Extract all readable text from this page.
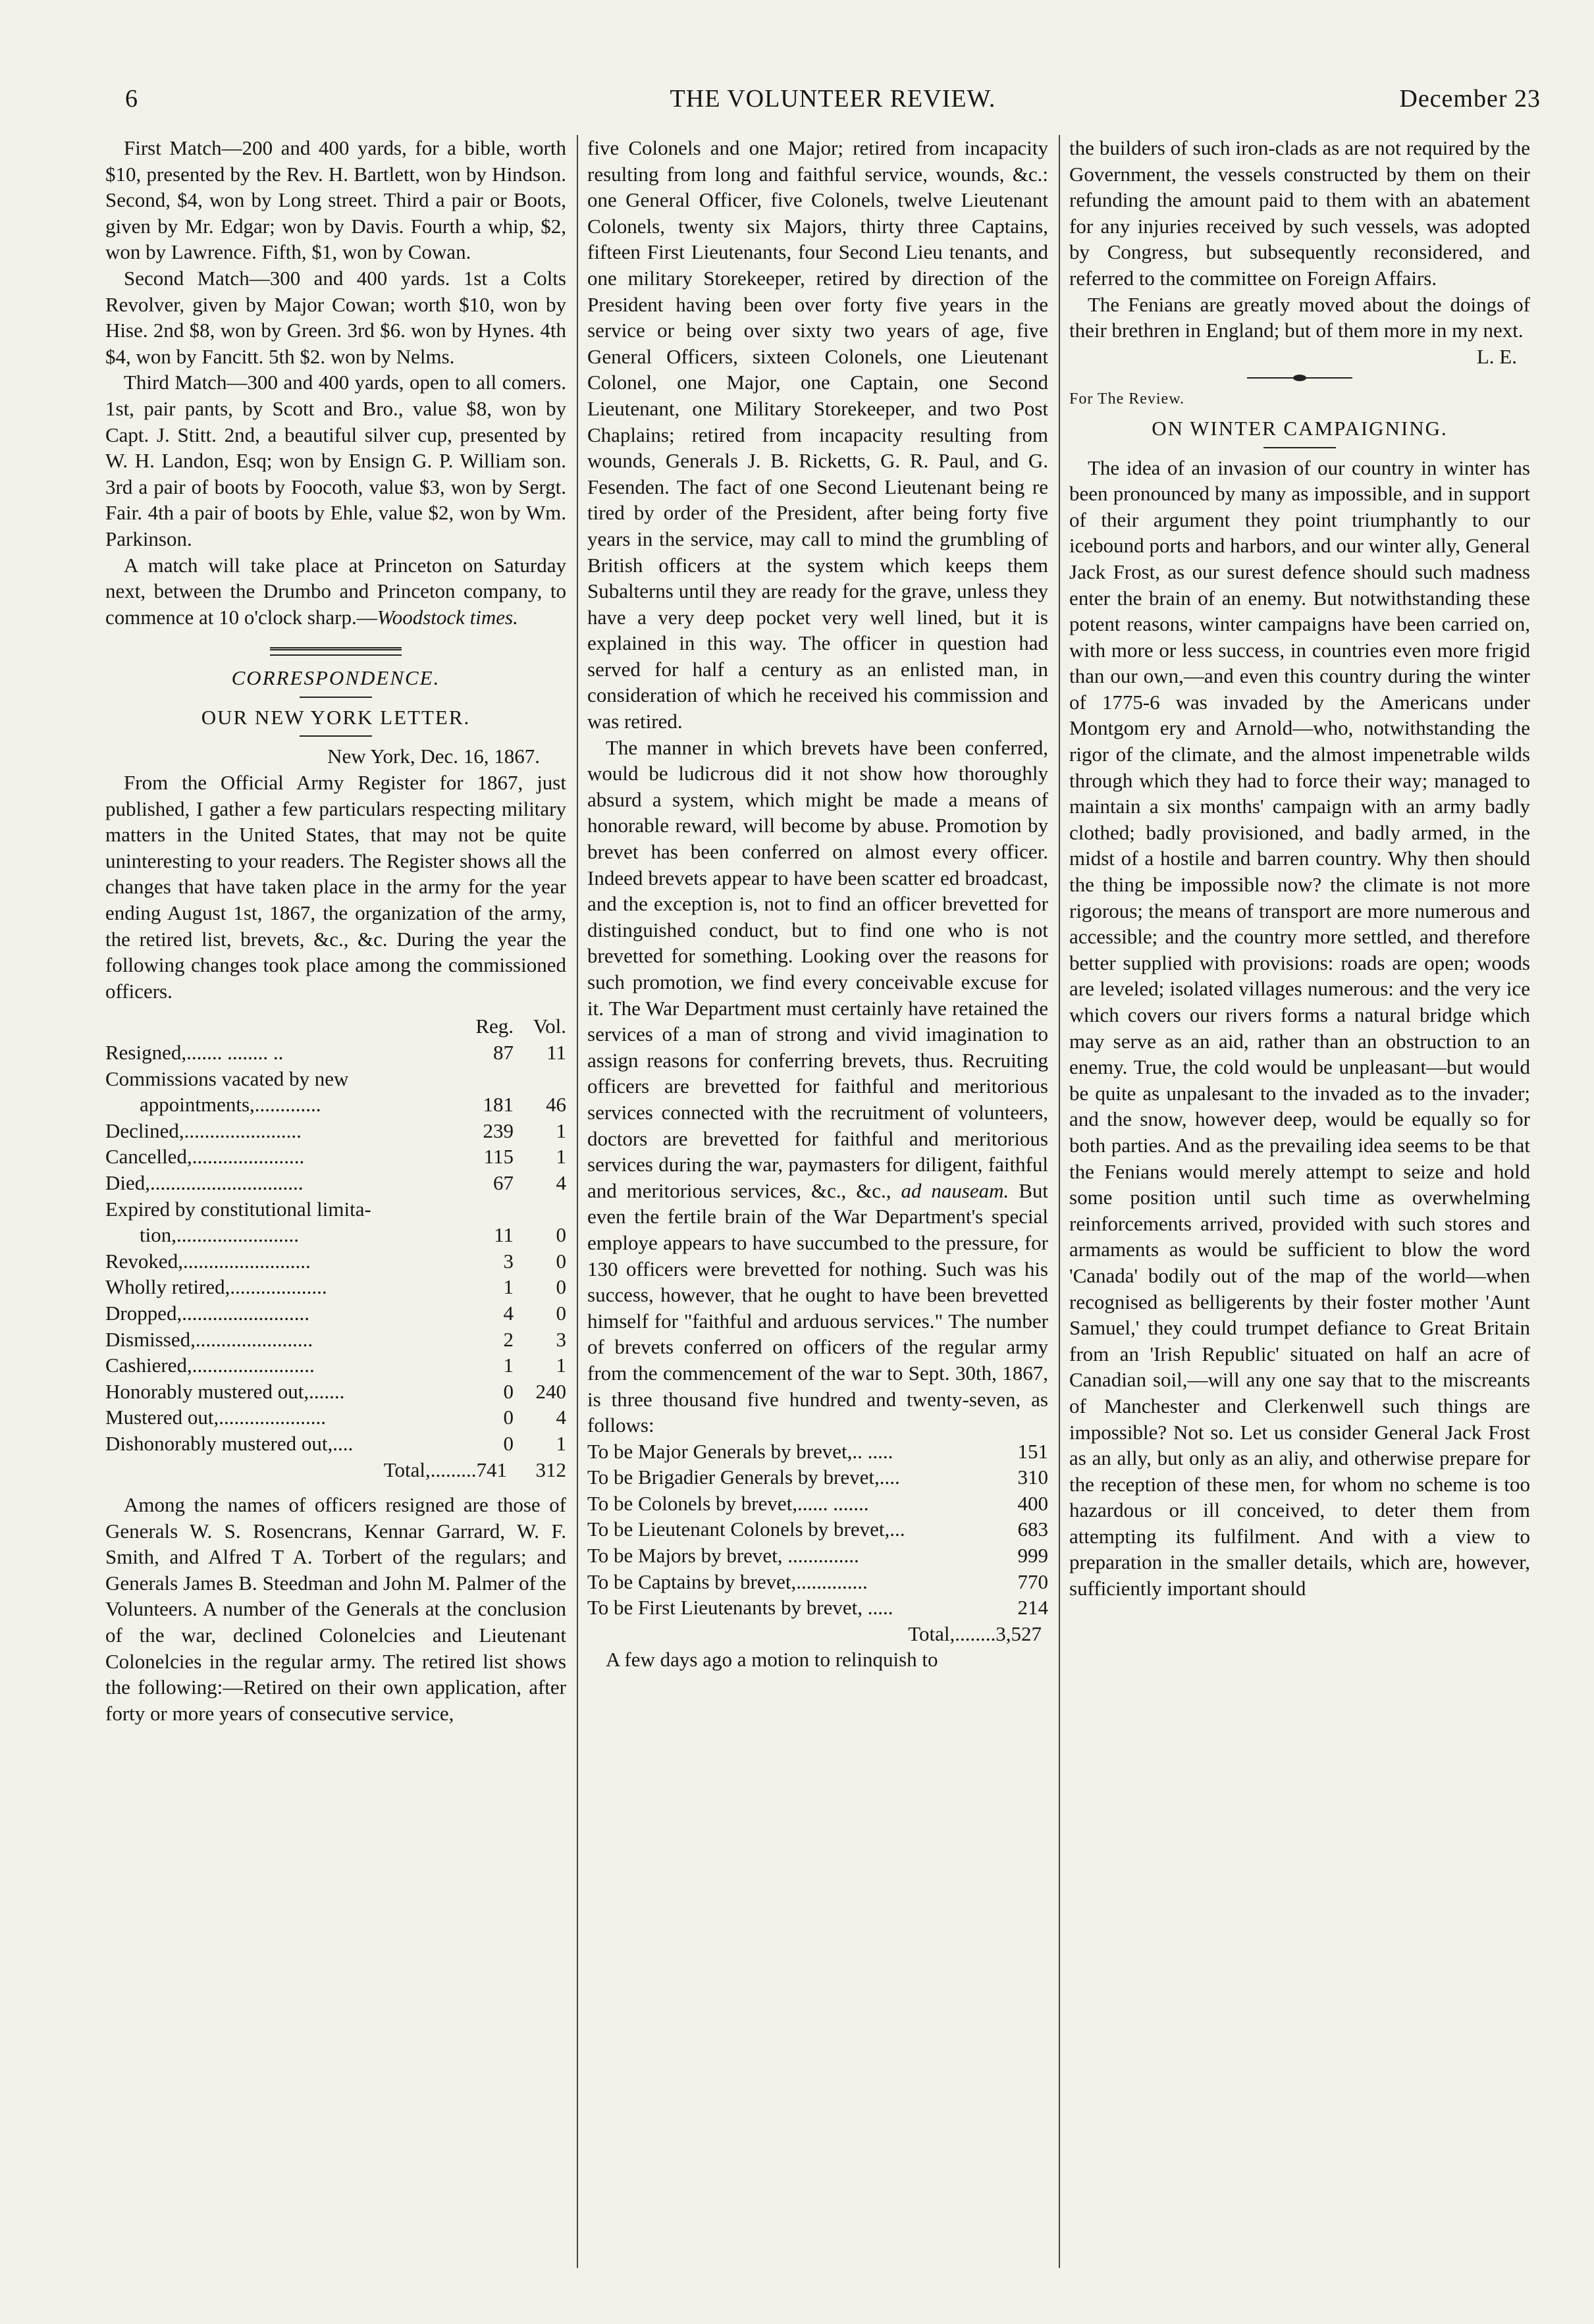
6	THE VOLUNTEER REVIEW.	December 23

First Match—200 and 400 yards, for a bible, worth $10, presented by the Rev. H. Bartlett, won by Hindson. Second, $4, won by Long street. Third a pair or Boots, given by Mr. Edgar; won by Davis. Fourth a whip, $2, won by Lawrence. Fifth, $1, won by Cowan.

Second Match—300 and 400 yards. 1st a Colts Revolver, given by Major Cowan; worth $10, won by Hise. 2nd $8, won by Green. 3rd $6. won by Hynes. 4th $4, won by Fancitt. 5th $2. won by Nelms.

Third Match—300 and 400 yards, open to all comers. 1st, pair pants, by Scott and Bro., value $8, won by Capt. J. Stitt. 2nd, a beautiful silver cup, presented by W. H. Landon, Esq; won by Ensign G. P. William son. 3rd a pair of boots by Foocoth, value $3, won by Sergt. Fair. 4th a pair of boots by Ehle, value $2, won by Wm. Parkinson.

A match will take place at Princeton on Saturday next, between the Drumbo and Princeton company, to commence at 10 o'clock sharp.—Woodstock times.

CORRESPONDENCE.

OUR NEW YORK LETTER.

New York, Dec. 16, 1867.

From the Official Army Register for 1867, just published, I gather a few particulars respecting military matters in the United States, that may not be quite uninteresting to your readers. The Register shows all the changes that have taken place in the army for the year ending August 1st, 1867, the organization of the army, the retired list, brevets, &c., &c. During the year the following changes took place among the commissioned officers.

Reg. Vol.
Resigned,....... ........ ..	87	11
Commissions vacated by new
appointments,.............	181	46
Declined,.......................	239	1
Cancelled,......................	115	1
Died,..............................	67	4
Expired by constitutional limita-
tion,........................	11	0
Revoked,.........................	3	0
Wholly retired,...................	1	0
Dropped,.........................	4	0
Dismissed,.......................	2	3
Cashiered,........................	1	1
Honorably mustered out,.......	0	240
Mustered out,.....................	0	4
Dishonorably mustered out,....	0	1
Total,.........741	312

Among the names of officers resigned are those of Generals W. S. Rosencrans, Kennar Garrard, W. F. Smith, and Alfred T A. Torbert of the regulars; and Generals James B. Steedman and John M. Palmer of the Volunteers. A number of the Generals at the conclusion of the war, declined Colonelcies and Lieutenant Colonelcies in the regular army. The retired list shows the following:—Retired on their own application, after forty or more years of consecutive service,

five Colonels and one Major; retired from incapacity resulting from long and faithful service, wounds, &c.: one General Officer, five Colonels, twelve Lieutenant Colonels, twenty six Majors, thirty three Captains, fifteen First Lieutenants, four Second Lieu tenants, and one military Storekeeper, retired by direction of the President having been over forty five years in the service or being over sixty two years of age, five General Officers, sixteen Colonels, one Lieutenant Colonel, one Major, one Captain, one Second Lieutenant, one Military Storekeeper, and two Post Chaplains; retired from incapacity resulting from wounds, Generals J. B. Ricketts, G. R. Paul, and G. Fesenden. The fact of one Second Lieutenant being re tired by order of the President, after being forty five years in the service, may call to mind the grumbling of British officers at the system which keeps them Subalterns until they are ready for the grave, unless they have a very deep pocket very well lined, but it is explained in this way. The officer in question had served for half a century as an enlisted man, in consideration of which he received his commission and was retired.

The manner in which brevets have been conferred, would be ludicrous did it not show how thoroughly absurd a system, which might be made a means of honorable reward, will become by abuse. Promotion by brevet has been conferred on almost every officer. Indeed brevets appear to have been scatter ed broadcast, and the exception is, not to find an officer brevetted for distinguished conduct, but to find one who is not brevetted for something. Looking over the reasons for such promotion, we find every conceivable excuse for it. The War Department must certainly have retained the services of a man of strong and vivid imagination to assign reasons for conferring brevets, thus. Recruiting officers are brevetted for faithful and meritorious services connected with the recruitment of volunteers, doctors are brevetted for faithful and meritorious services during the war, paymasters for diligent, faithful and meritorious services, &c., &c., ad nauseam. But even the fertile brain of the War Department's special employe appears to have succumbed to the pressure, for 130 officers were brevetted for nothing. Such was his success, however, that he ought to have been brevetted himself for "faithful and arduous services." The number of brevets conferred on officers of the regular army from the commencement of the war to Sept. 30th, 1867, is three thousand five hundred and twenty-seven, as follows:

To be Major Generals by brevet,.. .....	151
To be Brigadier Generals by brevet,....	310
To be Colonels by brevet,...... .......	400
To be Lieutenant Colonels by brevet,...	683
To be Majors by brevet, ..............	999
To be Captains by brevet,..............	770
To be First Lieutenants by brevet, .....	214

Total,........3,527

A few days ago a motion to relinquish to

the builders of such iron-clads as are not required by the Government, the vessels constructed by them on their refunding the amount paid to them with an abatement for any injuries received by such vessels, was adopted by Congress, but subsequently reconsidered, and referred to the committee on Foreign Affairs.

The Fenians are greatly moved about the doings of their brethren in England; but of them more in my next.

L. E.

For The Review.

ON WINTER CAMPAIGNING.

The idea of an invasion of our country in winter has been pronounced by many as impossible, and in support of their argument they point triumphantly to our icebound ports and harbors, and our winter ally, General Jack Frost, as our surest defence should such madness enter the brain of an enemy. But notwithstanding these potent reasons, winter campaigns have been carried on, with more or less success, in countries even more frigid than our own,—and even this country during the winter of 1775-6 was invaded by the Americans under Montgom ery and Arnold—who, notwithstanding the rigor of the climate, and the almost impenetrable wilds through which they had to force their way; managed to maintain a six months' campaign with an army badly clothed; badly provisioned, and badly armed, in the midst of a hostile and barren country. Why then should the thing be impossible now? the climate is not more rigorous; the means of transport are more numerous and accessible; and the country more settled, and therefore better supplied with provisions: roads are open; woods are leveled; isolated villages numerous: and the very ice which covers our rivers forms a natural bridge which may serve as an aid, rather than an obstruction to an enemy. True, the cold would be unpleasant—but would be quite as unpalesant to the invaded as to the invader; and the snow, however deep, would be equally so for both parties. And as the prevailing idea seems to be that the Fenians would merely attempt to seize and hold some position until such time as overwhelming reinforcements arrived, provided with such stores and armaments as would be sufficient to blow the word 'Canada' bodily out of the map of the world—when recognised as belligerents by their foster mother 'Aunt Samuel,' they could trumpet defiance to Great Britain from an 'Irish Republic' situated on half an acre of Canadian soil,—will any one say that to the miscreants of Manchester and Clerkenwell such things are impossible? Not so. Let us consider General Jack Frost as an ally, but only as an aliy, and otherwise prepare for the reception of these men, for whom no scheme is too hazardous or ill conceived, to deter them from attempting its fulfilment. And with a view to preparation in the smaller details, which are, however, sufficiently important should
